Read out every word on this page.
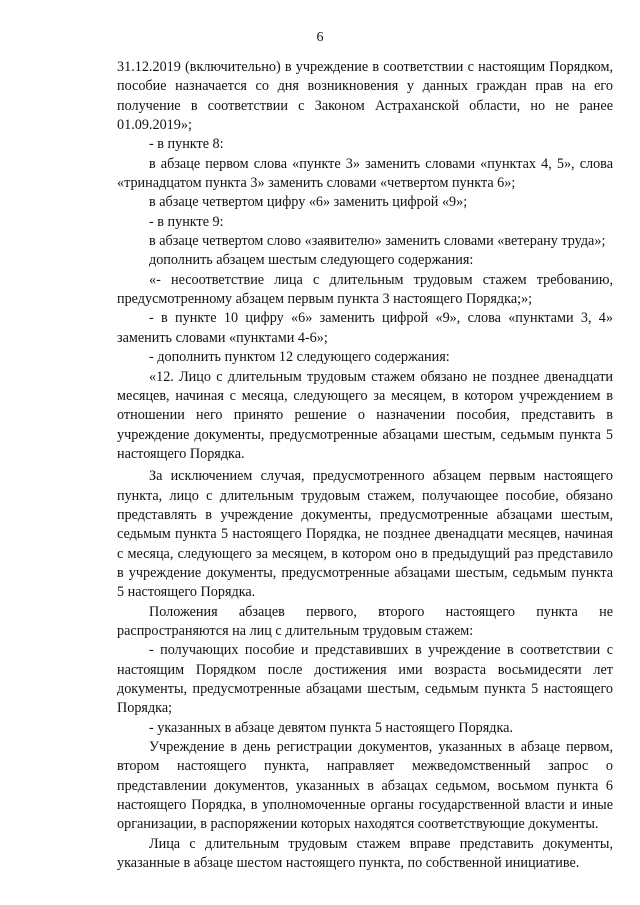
6

31.12.2019 (включительно) в учреждение в соответствии с настоящим Порядком, пособие назначается со дня возникновения у данных граждан прав на его получение в соответствии с Законом Астраханской области, но не ранее 01.09.2019»;

- в пункте 8:

в абзаце первом слова «пункте 3» заменить словами «пунктах 4, 5», слова «тринадцатом пункта 3» заменить словами «четвертом пункта 6»;

в абзаце четвертом цифру «6» заменить цифрой «9»;

- в пункте 9:

в абзаце четвертом слово «заявителю» заменить словами «ветерану труда»;

дополнить абзацем шестым следующего содержания:

«- несоответствие лица с длительным трудовым стажем требованию, предусмотренному абзацем первым пункта 3 настоящего Порядка;»;

- в пункте 10 цифру «6» заменить цифрой «9», слова «пунктами 3, 4» заменить словами «пунктами 4-6»;

- дополнить пунктом 12 следующего содержания:

«12. Лицо с длительным трудовым стажем обязано не позднее двенадцати месяцев, начиная с месяца, следующего за месяцем, в котором учреждением в отношении него принято решение о назначении пособия, представить в учреждение документы, предусмотренные абзацами шестым, седьмым пункта 5 настоящего Порядка.

За исключением случая, предусмотренного абзацем первым настоящего пункта, лицо с длительным трудовым стажем, получающее пособие, обязано представлять в учреждение документы, предусмотренные абзацами шестым, седьмым пункта 5 настоящего Порядка, не позднее двенадцати месяцев, начиная с месяца, следующего за месяцем, в котором оно в предыдущий раз представило в учреждение документы, предусмотренные абзацами шестым, седьмым пункта 5 настоящего Порядка.

Положения абзацев первого, второго настоящего пункта не распространяются на лиц с длительным трудовым стажем:

- получающих пособие и представивших в учреждение в соответствии с настоящим Порядком после достижения ими возраста восьмидесяти лет документы, предусмотренные абзацами шестым, седьмым пункта 5 настоящего Порядка;

- указанных в абзаце девятом пункта 5 настоящего Порядка.

Учреждение в день регистрации документов, указанных в абзаце первом, втором настоящего пункта, направляет межведомственный запрос о представлении документов, указанных в абзацах седьмом, восьмом пункта 6 настоящего Порядка, в уполномоченные органы государственной власти и иные организации, в распоряжении которых находятся соответствующие документы.

Лица с длительным трудовым стажем вправе представить документы, указанные в абзаце шестом настоящего пункта, по собственной инициативе.
